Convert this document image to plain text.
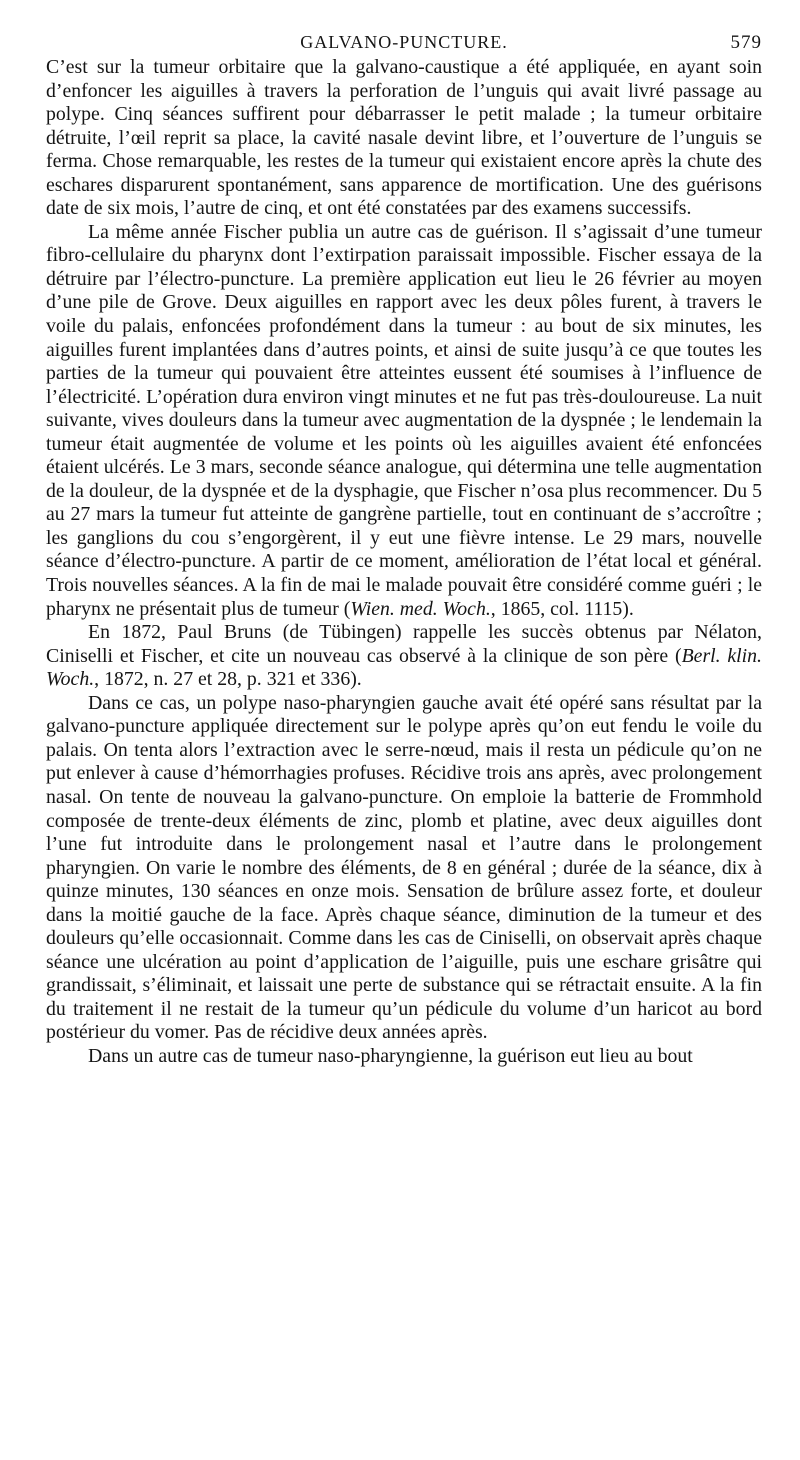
GALVANO-PUNCTURE.	579

C’est sur la tumeur orbitaire que la galvano-caustique a été appliquée, en ayant soin d’enfoncer les aiguilles à travers la perforation de l’unguis qui avait livré passage au polype. Cinq séances suffirent pour débarrasser le petit malade ; la tumeur orbitaire détruite, l’œil reprit sa place, la cavité nasale devint libre, et l’ouverture de l’unguis se ferma. Chose remarquable, les restes de la tumeur qui existaient encore après la chute des eschares disparurent spontanément, sans apparence de mortification. Une des guérisons date de six mois, l’autre de cinq, et ont été constatées par des examens successifs.

La même année Fischer publia un autre cas de guérison. Il s’agissait d’une tumeur fibro-cellulaire du pharynx dont l’extirpation paraissait impossible. Fischer essaya de la détruire par l’électro-puncture. La première application eut lieu le 26 février au moyen d’une pile de Grove. Deux aiguilles en rapport avec les deux pôles furent, à travers le voile du palais, enfoncées profondément dans la tumeur : au bout de six minutes, les aiguilles furent implantées dans d’autres points, et ainsi de suite jusqu’à ce que toutes les parties de la tumeur qui pouvaient être atteintes eussent été soumises à l’influence de l’électricité. L’opération dura environ vingt minutes et ne fut pas très-douloureuse. La nuit suivante, vives douleurs dans la tumeur avec augmentation de la dyspnée ; le lendemain la tumeur était augmentée de volume et les points où les aiguilles avaient été enfoncées étaient ulcérés. Le 3 mars, seconde séance analogue, qui détermina une telle augmentation de la douleur, de la dyspnée et de la dysphagie, que Fischer n’osa plus recommencer. Du 5 au 27 mars la tumeur fut atteinte de gangrène partielle, tout en continuant de s’accroître ; les ganglions du cou s’engorgèrent, il y eut une fièvre intense. Le 29 mars, nouvelle séance d’électro-puncture. A partir de ce moment, amélioration de l’état local et général. Trois nouvelles séances. A la fin de mai le malade pouvait être considéré comme guéri ; le pharynx ne présentait plus de tumeur (Wien. med. Woch., 1865, col. 1115).

En 1872, Paul Bruns (de Tübingen) rappelle les succès obtenus par Nélaton, Ciniselli et Fischer, et cite un nouveau cas observé à la clinique de son père (Berl. klin. Woch., 1872, n. 27 et 28, p. 321 et 336).

Dans ce cas, un polype naso-pharyngien gauche avait été opéré sans résultat par la galvano-puncture appliquée directement sur le polype après qu’on eut fendu le voile du palais. On tenta alors l’extraction avec le serre-nœud, mais il resta un pédicule qu’on ne put enlever à cause d’hémorrhagies profuses. Récidive trois ans après, avec prolongement nasal. On tente de nouveau la galvano-puncture. On emploie la batterie de Frommhold composée de trente-deux éléments de zinc, plomb et platine, avec deux aiguilles dont l’une fut introduite dans le prolongement nasal et l’autre dans le prolongement pharyngien. On varie le nombre des éléments, de 8 en général ; durée de la séance, dix à quinze minutes, 130 séances en onze mois. Sensation de brûlure assez forte, et douleur dans la moitié gauche de la face. Après chaque séance, diminution de la tumeur et des douleurs qu’elle occasionnait. Comme dans les cas de Ciniselli, on observait après chaque séance une ulcération au point d’application de l’aiguille, puis une eschare grisâtre qui grandissait, s’éliminait, et laissait une perte de substance qui se rétractait ensuite. A la fin du traitement il ne restait de la tumeur qu’un pédicule du volume d’un haricot au bord postérieur du vomer. Pas de récidive deux années après.

Dans un autre cas de tumeur naso-pharyngienne, la guérison eut lieu au bout
